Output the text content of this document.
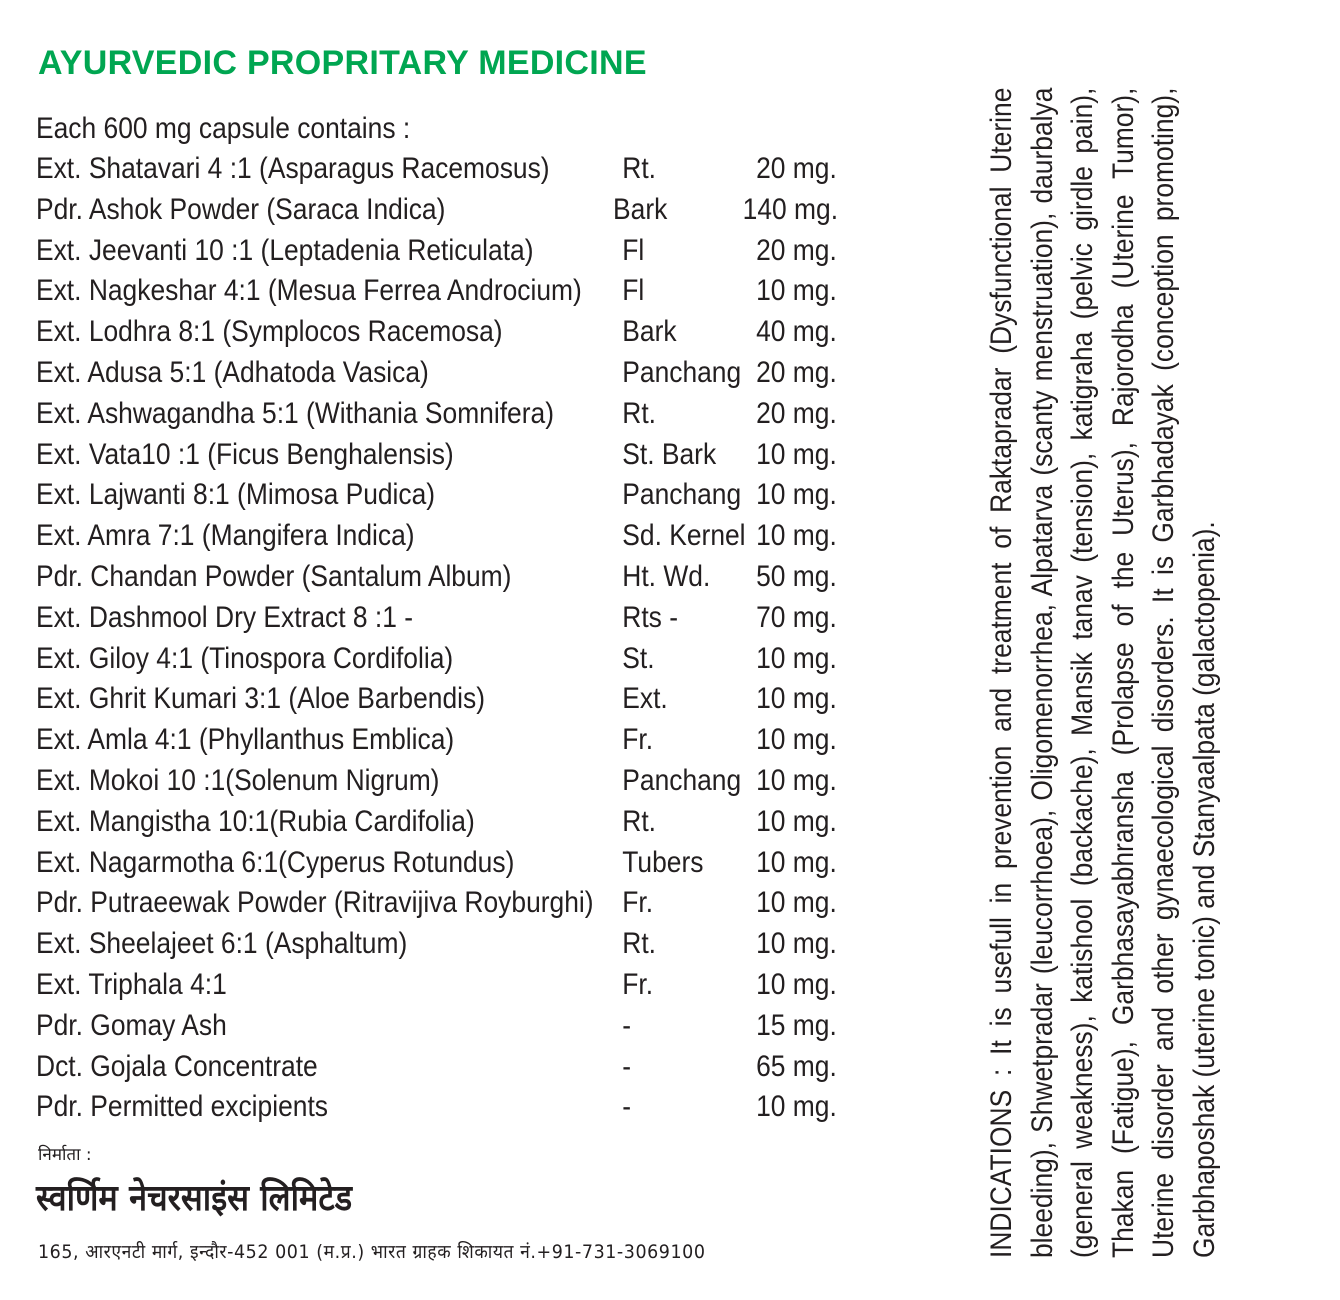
AYURVEDIC PROPRITARY MEDICINE
Each 600 mg capsule contains :
Ext. Shatavari 4 :1 (Asparagus Racemosus)	Rt.	20 mg.
Pdr. Ashok Powder (Saraca Indica)	Bark	140 mg.
Ext. Jeevanti 10 :1 (Leptadenia Reticulata)	Fl	20 mg.
Ext. Nagkeshar 4:1 (Mesua Ferrea Androcium)	Fl	10 mg.
Ext. Lodhra 8:1 (Symplocos Racemosa)	Bark	40 mg.
Ext. Adusa 5:1 (Adhatoda Vasica)	Panchang 20 mg.
Ext. Ashwagandha 5:1 (Withania Somnifera)	Rt.	20 mg.
Ext. Vata10 :1 (Ficus Benghalensis)	St. Bark	10 mg.
Ext. Lajwanti 8:1 (Mimosa Pudica)	Panchang 10 mg.
Ext. Amra 7:1 (Mangifera Indica)	Sd. Kernel 10 mg.
Pdr. Chandan Powder (Santalum Album)	Ht. Wd.	50 mg.
Ext. Dashmool Dry Extract 8 :1 -	Rts -	70 mg.
Ext. Giloy 4:1 (Tinospora Cordifolia)	St.	10 mg.
Ext. Ghrit Kumari 3:1 (Aloe Barbendis)	Ext.	10 mg.
Ext. Amla 4:1 (Phyllanthus Emblica)	Fr.	10 mg.
Ext. Mokoi 10 :1(Solenum Nigrum)	Panchang 10 mg.
Ext. Mangistha 10:1(Rubia Cardifolia)	Rt.	10 mg.
Ext. Nagarmotha 6:1(Cyperus Rotundus)	Tubers	10 mg.
Pdr. Putraeewak Powder (Ritravijiva Royburghi) Fr.	10 mg.
Ext. Sheelajeet 6:1 (Asphaltum)	Rt.	10 mg.
Ext. Triphala 4:1	Fr.	10 mg.
Pdr. Gomay Ash	-	15 mg.
Dct. Gojala Concentrate	-	65 mg.
Pdr. Permitted excipients	-	10 mg.
निर्माता :
स्वर्णिम नेचरसाइंस लिमिटेड
165, आरएनटी मार्ग, इन्दौर-452 001 (म.प्र.) भारत ग्राहक शिकायत नं.+91-731-3069100	INDICATIONS : It is usefull in prevention and treatment of Raktapradar (Dysfunctional Uterine bleeding), Shwetpradar (leucorrhoea), Oligomenorrhea, Alpatarva (scanty menstruation), daurbalya (general weakness), katishool (backache), Mansik tanav (tension), katigraha (pelvic girdle pain), Thakan (Fatigue), Garbhasayabhransha (Prolapse of the Uterus), Rajorodha (Uterine Tumor), Uterine disorder and other gynaecological disorders. It is Garbhadayak (conception promoting), Garbhaposhak (uterine tonic) and Stanyaalpata (galactopenia).
